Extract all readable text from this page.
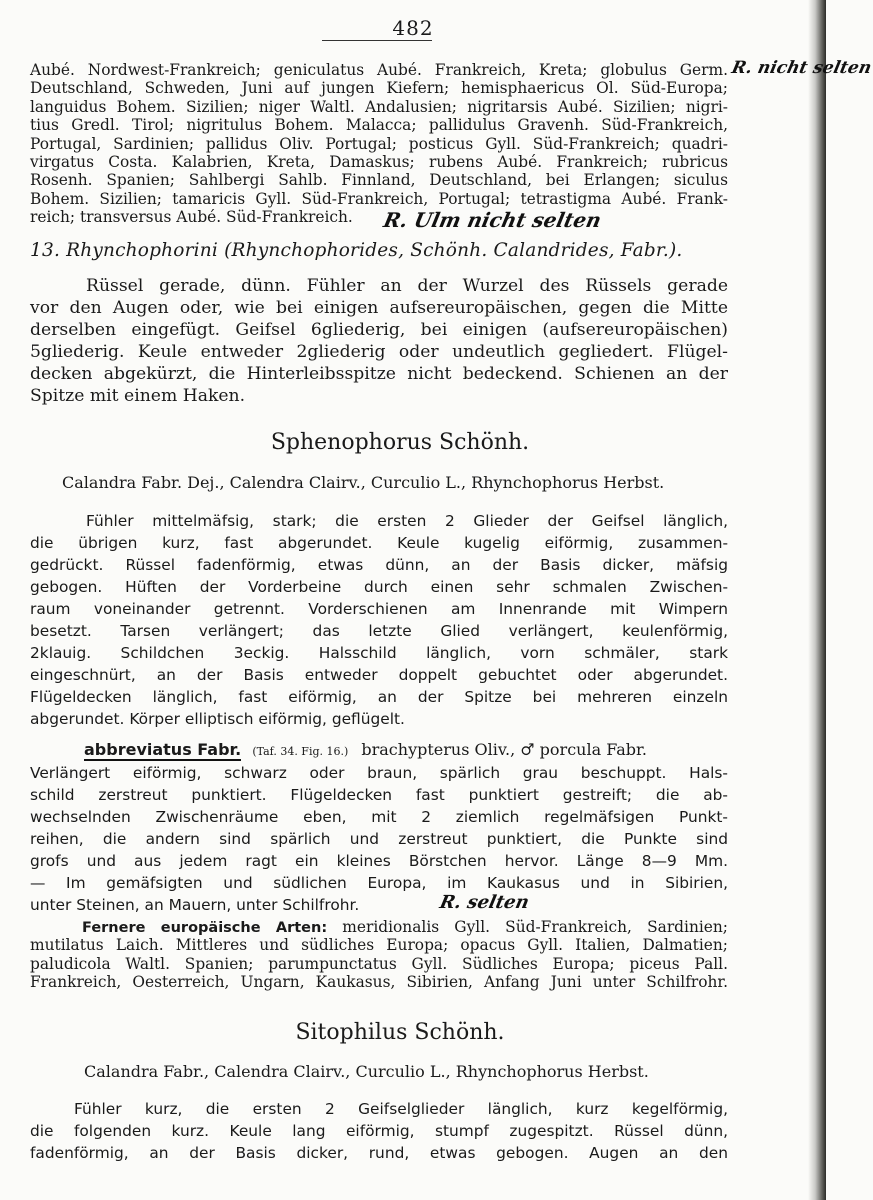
482
Aubé. Nordwest-Frankreich; geniculatus Aubé. Frankreich, Kreta; globulus Germ.
Deutschland, Schweden, Juni auf jungen Kiefern; hemisphaericus Ol. Süd-Europa;
languidus Bohem. Sizilien; niger Waltl. Andalusien; nigritarsis Aubé. Sizilien; nigri-
tius Gredl. Tirol; nigritulus Bohem. Malacca; pallidulus Gravenh. Süd-Frankreich,
Portugal, Sardinien; pallidus Oliv. Portugal; posticus Gyll. Süd-Frankreich; quadri-
virgatus Costa. Kalabrien, Kreta, Damaskus; rubens Aubé. Frankreich; rubricus
Rosenh. Spanien; Sahlbergi Sahlb. Finnland, Deutschland, bei Erlangen; siculus
Bohem. Sizilien; tamaricis Gyll. Süd-Frankreich, Portugal; tetrastigma Aubé. Frank-
reich; transversus Aubé. Süd-Frankreich.
R. nicht selten
R. Ulm nicht selten
13. Rhynchophorini (Rhynchophorides, Schönh. Calandrides, Fabr.).
Rüssel gerade, dünn. Fühler an der Wurzel des Rüssels gerade
vor den Augen oder, wie bei einigen aufsereuropäischen, gegen die Mitte
derselben eingefügt. Geifsel 6gliederig, bei einigen (aufsereuropäischen)
5gliederig. Keule entweder 2gliederig oder undeutlich gegliedert. Flügel-
decken abgekürzt, die Hinterleibsspitze nicht bedeckend. Schienen an der
Spitze mit einem Haken.
Sphenophorus Schönh.
Calandra Fabr. Dej., Calendra Clairv., Curculio L., Rhynchophorus Herbst.
Fühler mittelmäfsig, stark; die ersten 2 Glieder der Geifsel länglich,
die übrigen kurz, fast abgerundet. Keule kugelig eiförmig, zusammen-
gedrückt. Rüssel fadenförmig, etwas dünn, an der Basis dicker, mäfsig
gebogen. Hüften der Vorderbeine durch einen sehr schmalen Zwischen-
raum voneinander getrennt. Vorderschienen am Innenrande mit Wimpern
besetzt. Tarsen verlängert; das letzte Glied verlängert, keulenförmig,
2klauig. Schildchen 3eckig. Halsschild länglich, vorn schmäler, stark
eingeschnürt, an der Basis entweder doppelt gebuchtet oder abgerundet.
Flügeldecken länglich, fast eiförmig, an der Spitze bei mehreren einzeln
abgerundet. Körper elliptisch eiförmig, geflügelt.
abbreviatus Fabr. (Taf. 34. Fig. 16.) brachypterus Oliv., ♂ porcula Fabr.
Verlängert eiförmig, schwarz oder braun, spärlich grau beschuppt. Hals-
schild zerstreut punktiert. Flügeldecken fast punktiert gestreift; die ab-
wechselnden Zwischenräume eben, mit 2 ziemlich regelmäfsigen Punkt-
reihen, die andern sind spärlich und zerstreut punktiert, die Punkte sind
grofs und aus jedem ragt ein kleines Börstchen hervor. Länge 8—9 Mm.
— Im gemäfsigten und südlichen Europa, im Kaukasus und in Sibirien,
unter Steinen, an Mauern, unter Schilfrohr.	R. selten
Fernere europäische Arten: meridionalis Gyll. Süd-Frankreich, Sardinien;
mutilatus Laich. Mittleres und südliches Europa; opacus Gyll. Italien, Dalmatien;
paludicola Waltl. Spanien; parumpunctatus Gyll. Südliches Europa; piceus Pall.
Frankreich, Oesterreich, Ungarn, Kaukasus, Sibirien, Anfang Juni unter Schilfrohr.
Sitophilus Schönh.
Calandra Fabr., Calendra Clairv., Curculio L., Rhynchophorus Herbst.
Fühler kurz, die ersten 2 Geifselglieder länglich, kurz kegelförmig,
die folgenden kurz. Keule lang eiförmig, stumpf zugespitzt. Rüssel dünn,
fadenförmig, an der Basis dicker, rund, etwas gebogen. Augen an den
